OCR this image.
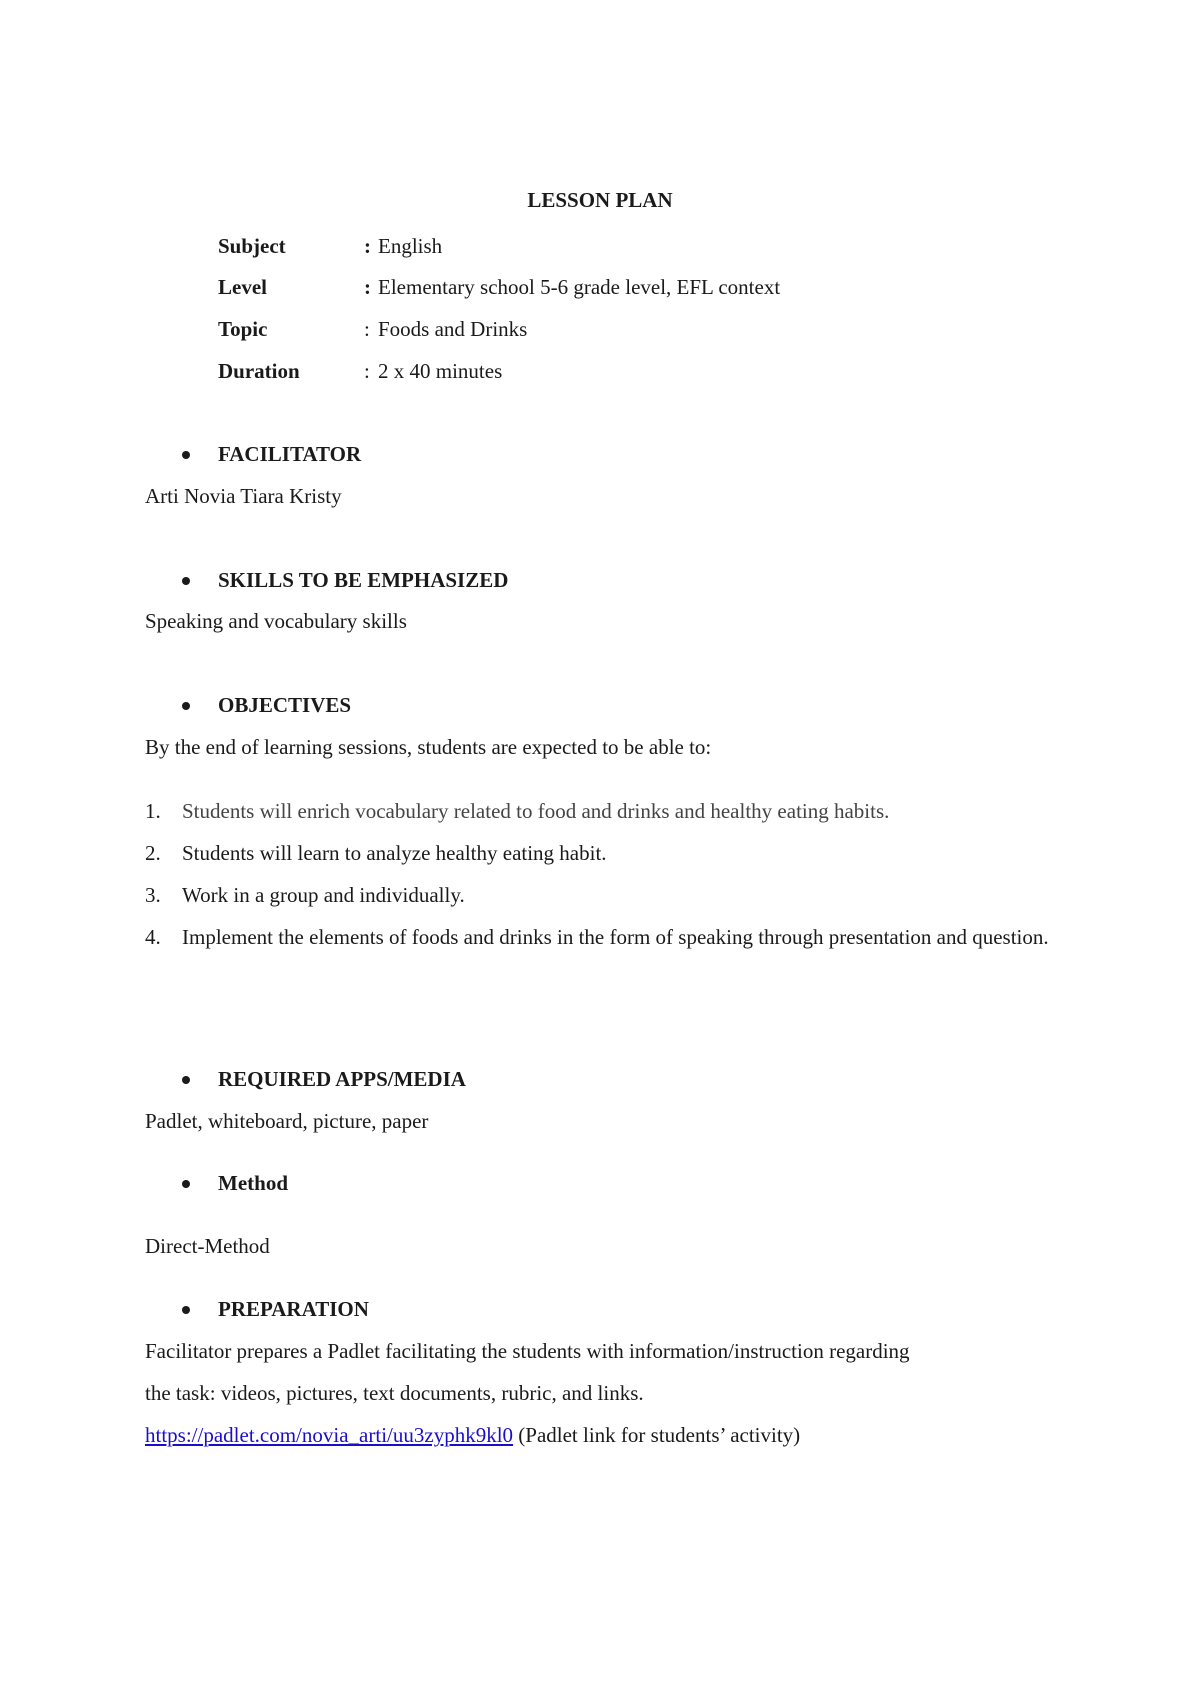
LESSON PLAN
Subject	: English
Level	: Elementary school 5-6 grade level, EFL context
Topic	: Foods and Drinks
Duration	: 2 x 40 minutes
FACILITATOR
Arti Novia Tiara Kristy
SKILLS TO BE EMPHASIZED
Speaking and vocabulary skills
OBJECTIVES
By the end of learning sessions, students are expected to be able to:
1. Students will enrich vocabulary related to food and drinks and healthy eating habits.
2. Students will learn to analyze healthy eating habit.
3. Work in a group and individually.
4. Implement the elements of foods and drinks in the form of speaking through presentation and question.
REQUIRED APPS/MEDIA
Padlet, whiteboard, picture, paper
Method
Direct-Method
PREPARATION
Facilitator prepares a Padlet facilitating the students with information/instruction regarding
the task: videos, pictures, text documents, rubric, and links.
https://padlet.com/novia_arti/uu3zyphk9kl0 (Padlet link for students’ activity)
